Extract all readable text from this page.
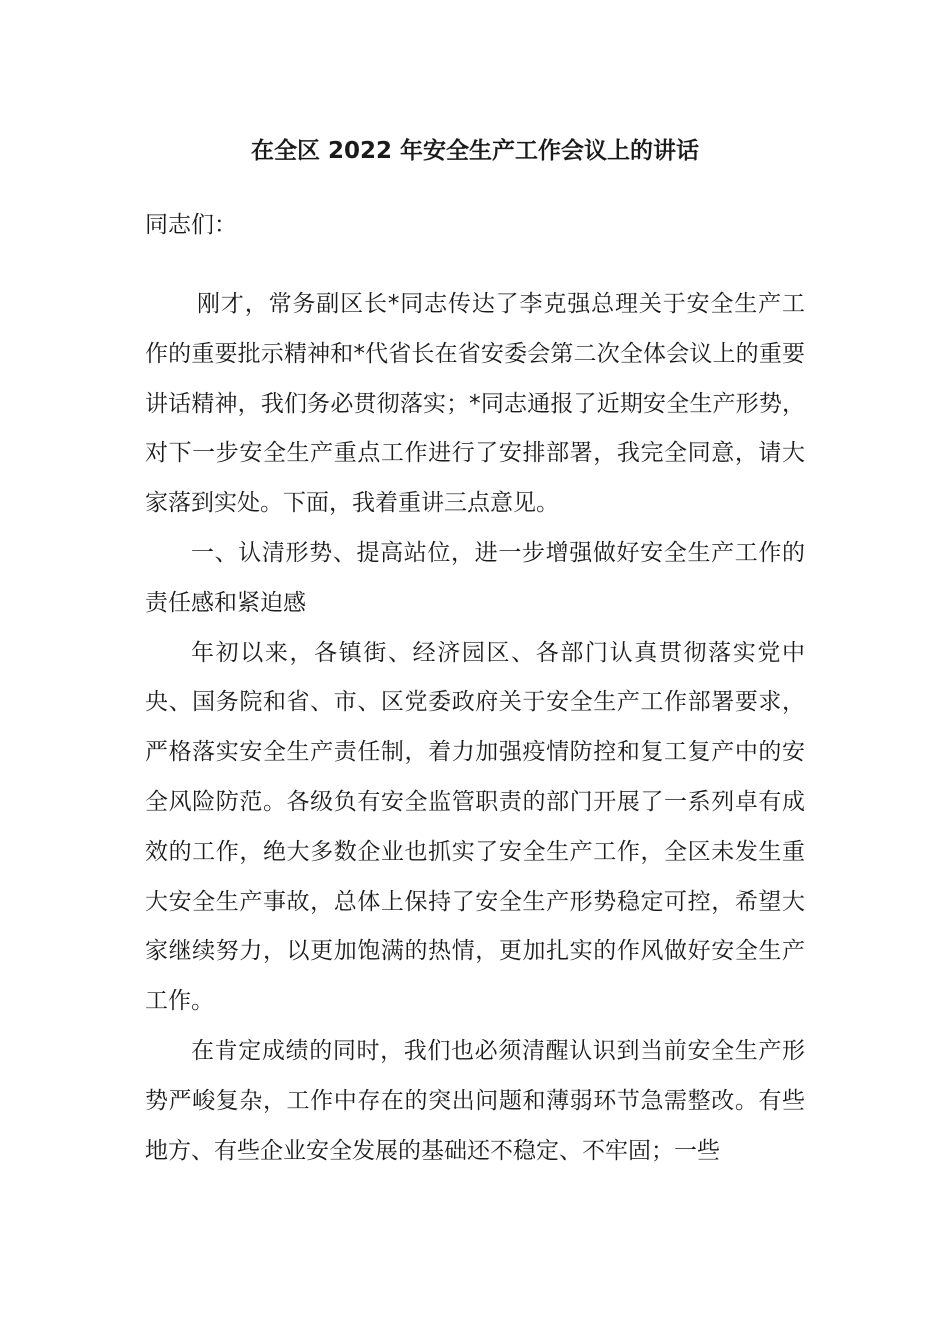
在全区 2022 年安全生产工作会议上的讲话

同志们：

刚才，常务副区长*同志传达了李克强总理关于安全生产工作的重要批示精神和*代省长在省安委会第二次全体会议上的重要讲话精神，我们务必贯彻落实；*同志通报了近期安全生产形势，对下一步安全生产重点工作进行了安排部署，我完全同意，请大家落到实处。下面，我着重讲三点意见。

一、认清形势、提高站位，进一步增强做好安全生产工作的责任感和紧迫感

年初以来，各镇街、经济园区、各部门认真贯彻落实党中央、国务院和省、市、区党委政府关于安全生产工作部署要求，严格落实安全生产责任制，着力加强疫情防控和复工复产中的安全风险防范。各级负有安全监管职责的部门开展了一系列卓有成效的工作，绝大多数企业也抓实了安全生产工作，全区未发生重大安全生产事故，总体上保持了安全生产形势稳定可控，希望大家继续努力，以更加饱满的热情，更加扎实的作风做好安全生产工作。

在肯定成绩的同时，我们也必须清醒认识到当前安全生产形势严峻复杂，工作中存在的突出问题和薄弱环节急需整改。有些地方、有些企业安全发展的基础还不稳定、不牢固；一些
